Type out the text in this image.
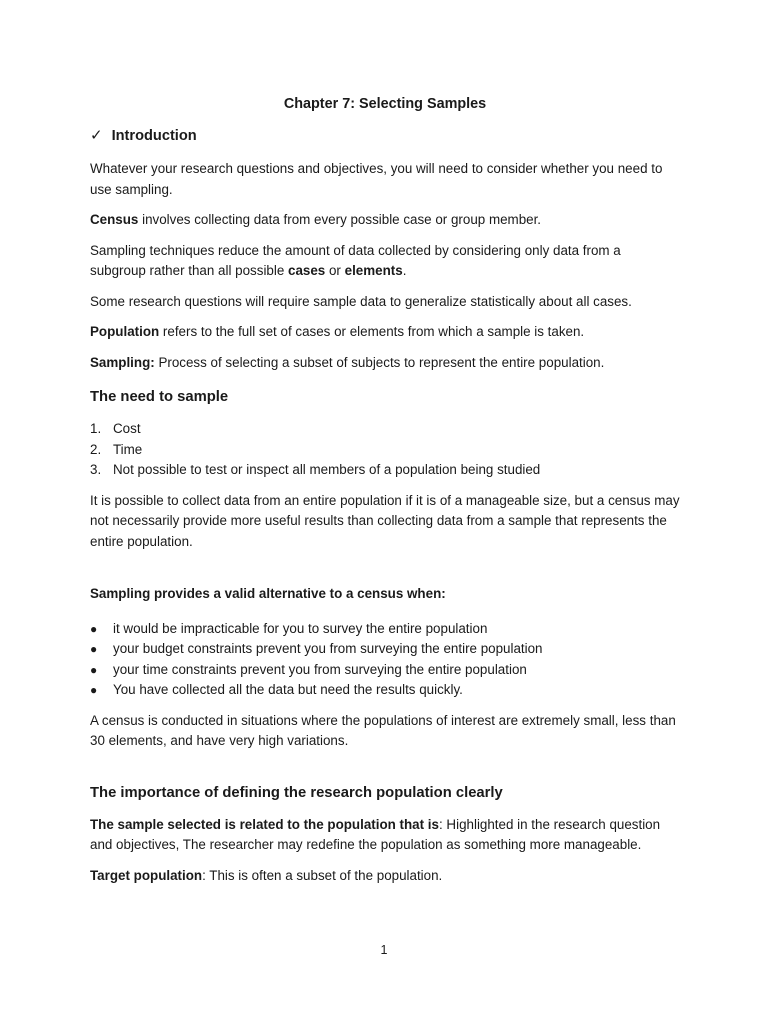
Chapter 7: Selecting Samples
✓ Introduction

Whatever your research questions and objectives, you will need to consider whether you need to use sampling.

Census involves collecting data from every possible case or group member.

Sampling techniques reduce the amount of data collected by considering only data from a subgroup rather than all possible cases or elements.

Some research questions will require sample data to generalize statistically about all cases.

Population refers to the full set of cases or elements from which a sample is taken.

Sampling: Process of selecting a subset of subjects to represent the entire population.

The need to sample
1. Cost
2. Time
3. Not possible to test or inspect all members of a population being studied

It is possible to collect data from an entire population if it is of a manageable size, but a census may not necessarily provide more useful results than collecting data from a sample that represents the entire population.

Sampling provides a valid alternative to a census when:

●	it would be impracticable for you to survey the entire population
●	your budget constraints prevent you from surveying the entire population
●	your time constraints prevent you from surveying the entire population
●	You have collected all the data but need the results quickly.

A census is conducted in situations where the populations of interest are extremely small, less than 30 elements, and have very high variations.

The importance of defining the research population clearly

The sample selected is related to the population that is: Highlighted in the research question and objectives, The researcher may redefine the population as something more manageable.

Target population: This is often a subset of the population.

1
